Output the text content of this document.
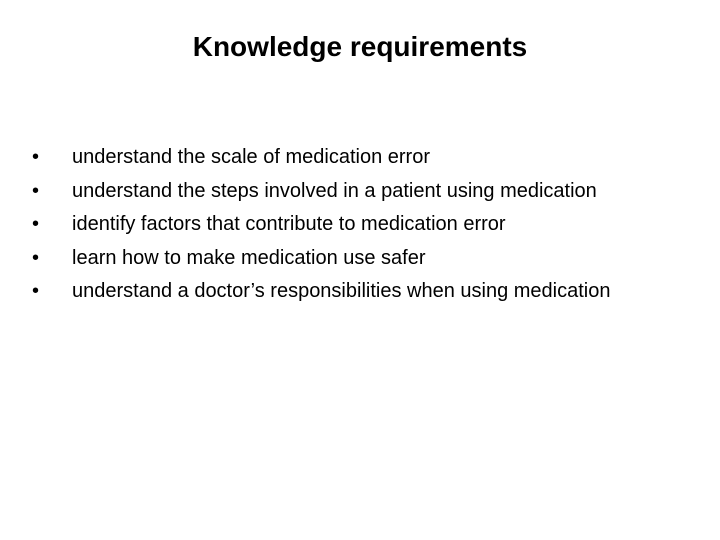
Knowledge requirements
•	understand the scale of medication error
•	understand the steps involved in a patient using medication
•	identify factors that contribute to medication error
•	learn how to make medication use safer
•	understand a doctor’s responsibilities when using medication
